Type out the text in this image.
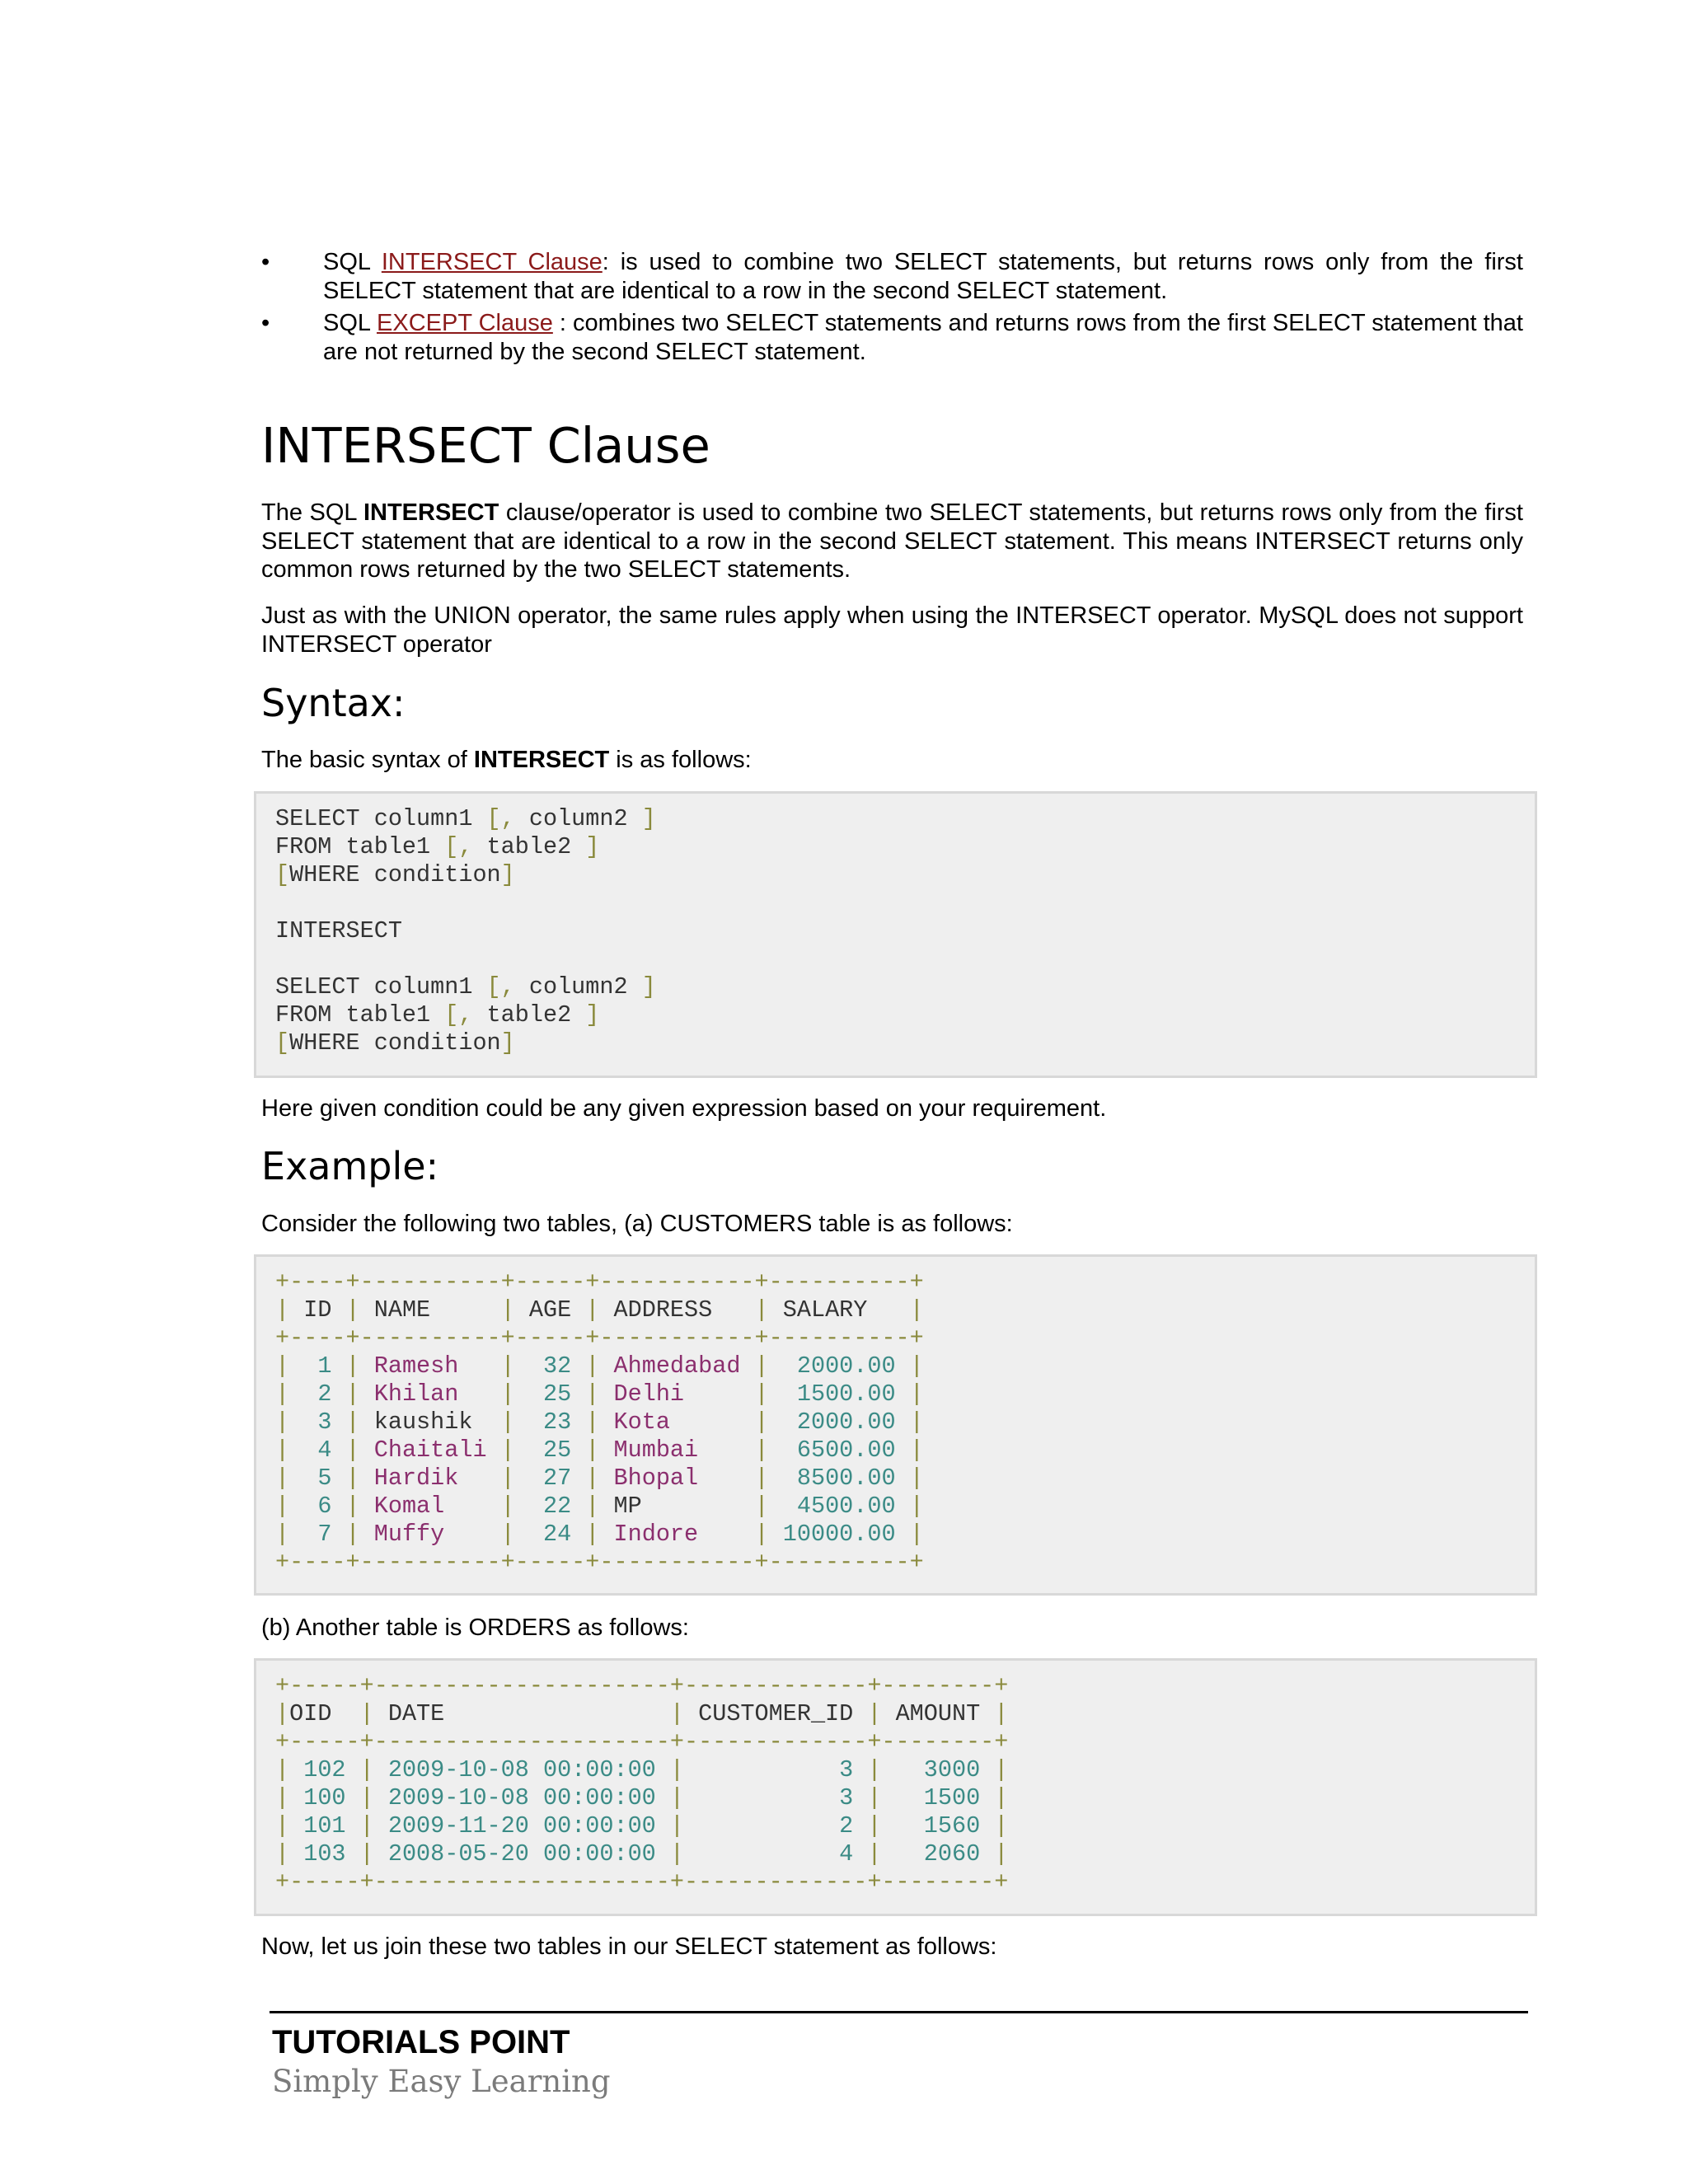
•	SQL INTERSECT Clause: is used to combine two SELECT statements, but returns rows only from the first SELECT statement that are identical to a row in the second SELECT statement.
•	SQL EXCEPT Clause : combines two SELECT statements and returns rows from the first SELECT statement that are not returned by the second SELECT statement.
INTERSECT Clause

The SQL INTERSECT clause/operator is used to combine two SELECT statements, but returns rows only from the first SELECT statement that are identical to a row in the second SELECT statement. This means INTERSECT returns only common rows returned by the two SELECT statements.

Just as with the UNION operator, the same rules apply when using the INTERSECT operator. MySQL does not support INTERSECT operator

Syntax:

The basic syntax of INTERSECT is as follows:

SELECT column1 [, column2 ]
FROM table1 [, table2 ]
[WHERE condition]
INTERSECT
SELECT column1 [, column2 ]
FROM table1 [, table2 ]
[WHERE condition]

Here given condition could be any given expression based on your requirement.

Example:

Consider the following two tables, (a) CUSTOMERS table is as follows:

+----+----------+-----+-----------+----------+
| ID | NAME     | AGE | ADDRESS   | SALARY   |
+----+----------+-----+-----------+----------+
|  1 | Ramesh   |  32 | Ahmedabad |  2000.00 |
|  2 | Khilan   |  25 | Delhi     |  1500.00 |
|  3 | kaushik  |  23 | Kota      |  2000.00 |
|  4 | Chaitali |  25 | Mumbai    |  6500.00 |
|  5 | Hardik   |  27 | Bhopal    |  8500.00 |
|  6 | Komal    |  22 | MP        |  4500.00 |
|  7 | Muffy    |  24 | Indore    | 10000.00 |
+----+----------+-----+-----------+----------+

(b) Another table is ORDERS as follows:

+-----+---------------------+-------------+--------+
|OID  | DATE                | CUSTOMER_ID | AMOUNT |
+-----+---------------------+-------------+--------+
| 102 | 2009-10-08 00:00:00 |           3 |   3000 |
| 100 | 2009-10-08 00:00:00 |           3 |   1500 |
| 101 | 2009-11-20 00:00:00 |           2 |   1560 |
| 103 | 2008-05-20 00:00:00 |           4 |   2060 |
+-----+---------------------+-------------+--------+

Now, let us join these two tables in our SELECT statement as follows:

TUTORIALS POINT
Simply Easy Learning
